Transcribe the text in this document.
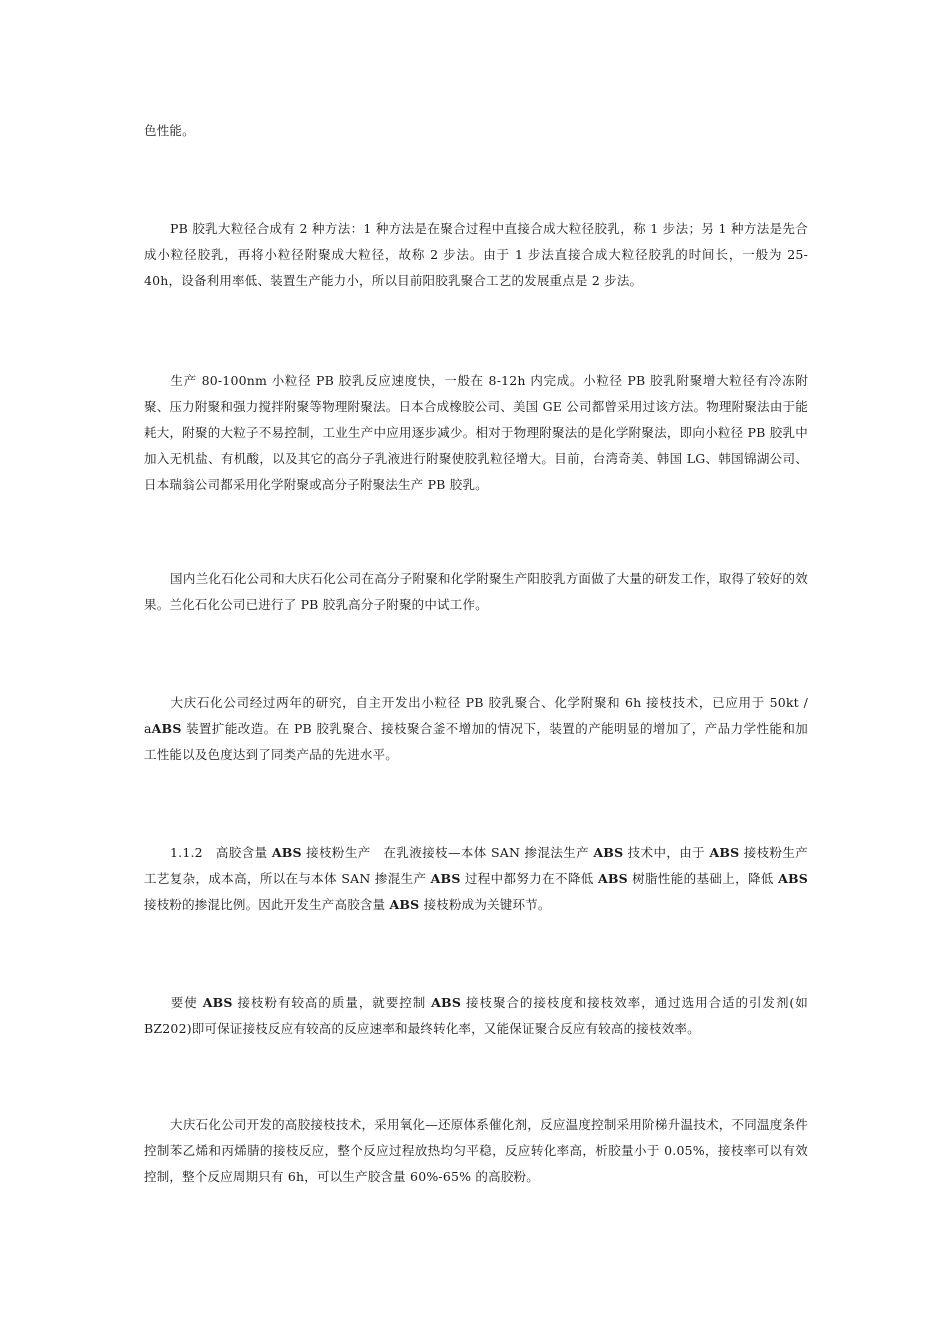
色性能。

PB 胶乳大粒径合成有 2 种方法：1 种方法是在聚合过程中直接合成大粒径胶乳，称 1 步法；另 1 种方法是先合成小粒径胶乳，再将小粒径附聚成大粒径，故称 2 步法。由于 1 步法直接合成大粒径胶乳的时间长，一般为 25-40h，设备利用率低、装置生产能力小，所以目前阳胶乳聚合工艺的发展重点是 2 步法。

生产 80-100nm 小粒径 PB 胶乳反应速度快，一般在 8-12h 内完成。小粒径 PB 胶乳附聚增大粒径有冷冻附聚、压力附聚和强力搅拌附聚等物理附聚法。日本合成橡胶公司、美国 GE 公司都曾采用过该方法。物理附聚法由于能耗大，附聚的大粒子不易控制，工业生产中应用逐步减少。相对于物理附聚法的是化学附聚法，即向小粒径 PB 胶乳中加入无机盐、有机酸，以及其它的高分子乳液进行附聚使胶乳粒径增大。目前，台湾奇美、韩国 LG、韩国锦湖公司、日本瑞翁公司都采用化学附聚或高分子附聚法生产 PB 胶乳。

国内兰化石化公司和大庆石化公司在高分子附聚和化学附聚生产阳胶乳方面做了大量的研发工作，取得了较好的效果。兰化石化公司已进行了 PB 胶乳高分子附聚的中试工作。

大庆石化公司经过两年的研究，自主开发出小粒径 PB 胶乳聚合、化学附聚和 6h 接枝技术，已应用于 50kt / aABS 装置扩能改造。在 PB 胶乳聚合、接枝聚合釜不增加的情况下，装置的产能明显的增加了，产品力学性能和加工性能以及色度达到了同类产品的先进水平。

1.1.2　高胶含量 ABS 接枝粉生产　在乳液接枝—本体 SAN 掺混法生产 ABS 技术中，由于 ABS 接枝粉生产工艺复杂，成本高，所以在与本体 SAN 掺混生产 ABS 过程中都努力在不降低 ABS 树脂性能的基础上，降低 ABS 接枝粉的掺混比例。因此开发生产高胶含量 ABS 接枝粉成为关键环节。

要使 ABS 接枝粉有较高的质量，就要控制 ABS 接枝聚合的接枝度和接枝效率，通过选用合适的引发剂(如 BZ202)即可保证接枝反应有较高的反应速率和最终转化率，又能保证聚合反应有较高的接枝效率。

大庆石化公司开发的高胶接枝技术，采用氧化—还原体系催化剂，反应温度控制采用阶梯升温技术，不同温度条件控制苯乙烯和丙烯腈的接枝反应，整个反应过程放热均匀平稳，反应转化率高，析胶量小于 0.05%，接枝率可以有效控制，整个反应周期只有 6h，可以生产胶含量 60%-65% 的高胶粉。
